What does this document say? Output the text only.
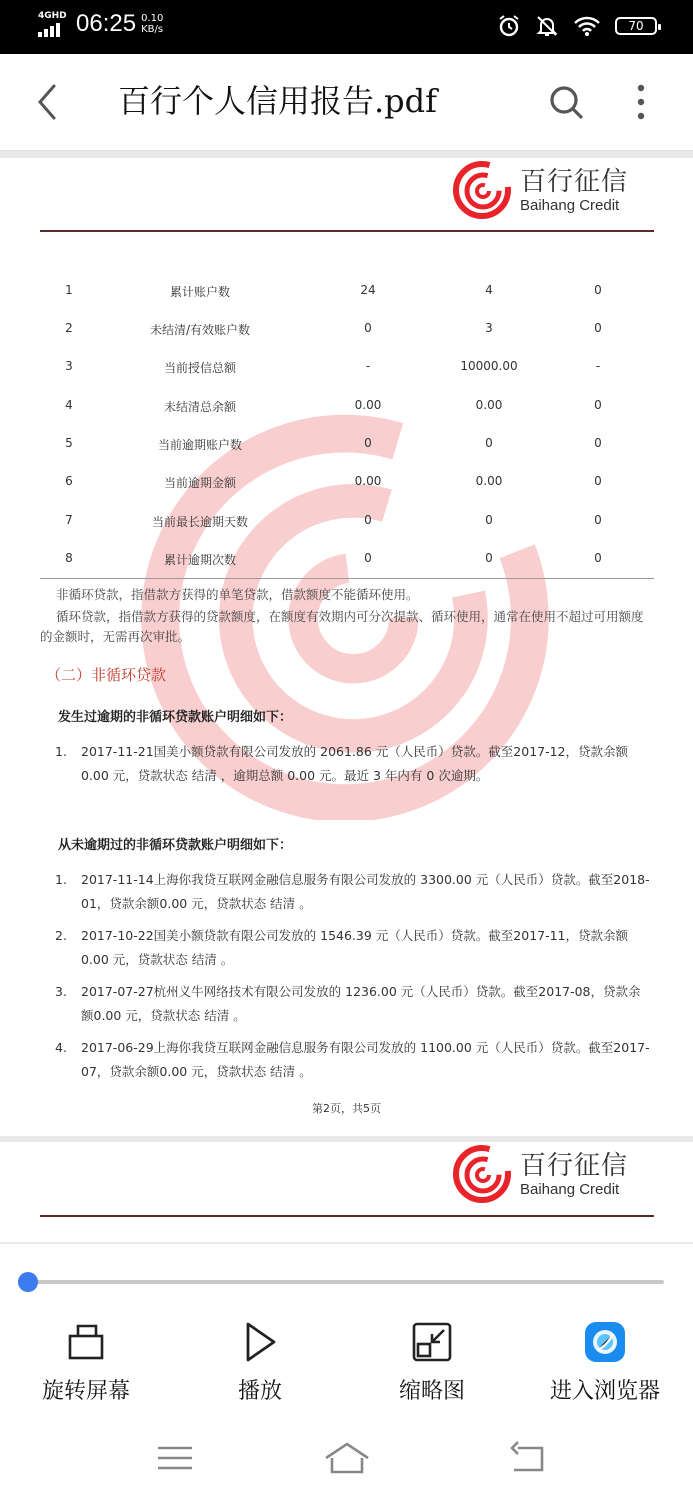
4GHD 06:25 0.10
KB/s	70
百行个人信用报告.pdf
百行征信
Baihang Credit
1	累计账户数	24	4	0
2	未结清/有效账户数	0	3	0
3	当前授信总额	-	10000.00	-
4	未结清总余额	0.00	0.00	0
5	当前逾期账户数	0	0	0
6	当前逾期金额	0.00	0.00	0
7	当前最长逾期天数	0	0	0
8	累计逾期次数	0	0	0
非循环贷款，指借款方获得的单笔贷款，借款额度不能循环使用。
循环贷款，指借款方获得的贷款额度，在额度有效期内可分次提款、循环使用，通常在使用不超过可用额度的金额时，无需再次审批。
（二）非循环贷款
发生过逾期的非循环贷款账户明细如下：
1.	2017-11-21国美小额贷款有限公司发放的 2061.86 元（人民币）贷款。截至2017-12，贷款余额0.00 元，贷款状态 结清 ，逾期总额 0.00 元。最近 3 年内有 0 次逾期。
从未逾期过的非循环贷款账户明细如下：
1.	2017-11-14上海你我贷互联网金融信息服务有限公司发放的 3300.00 元（人民币）贷款。截至2018-01，贷款余额0.00 元，贷款状态 结清 。
2.	2017-10-22国美小额贷款有限公司发放的 1546.39 元（人民币）贷款。截至2017-11，贷款余额0.00 元，贷款状态 结清 。
3.	2017-07-27杭州义牛网络技术有限公司发放的 1236.00 元（人民币）贷款。截至2017-08，贷款余额0.00 元，贷款状态 结清 。
4.	2017-06-29上海你我贷互联网金融信息服务有限公司发放的 1100.00 元（人民币）贷款。截至2017-07，贷款余额0.00 元，贷款状态 结清 。
第2页，共5页
百行征信
Baihang Credit
旋转屏幕	播放	缩略图	进入浏览器
